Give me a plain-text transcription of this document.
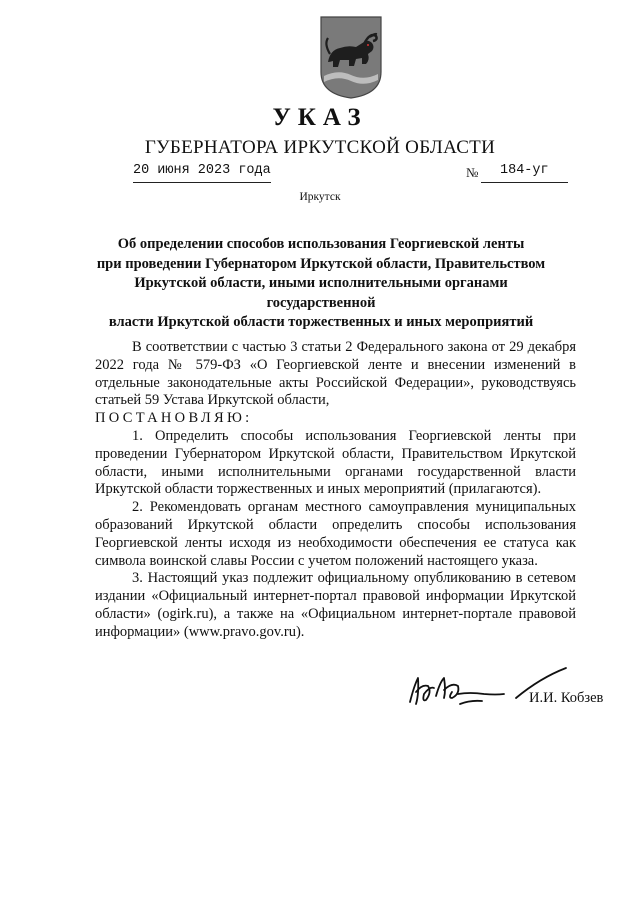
УКАЗ
ГУБЕРНАТОРА ИРКУТСКОЙ ОБЛАСТИ
20 июня 2023 года	№ 184-уг
Иркутск
Об определении способов использования Георгиевской ленты
при проведении Губернатором Иркутской области, Правительством
Иркутской области, иными исполнительными органами государственной
власти Иркутской области торжественных и иных мероприятий

В соответствии с частью 3 статьи 2 Федерального закона от 29 декабря 2022 года № 579-ФЗ «О Георгиевской ленте и внесении изменений в отдельные законодательные акты Российской Федерации», руководствуясь статьей 59 Устава Иркутской области,

ПОСТАНОВЛЯЮ:

1. Определить способы использования Георгиевской ленты при проведении Губернатором Иркутской области, Правительством Иркутской области, иными исполнительными органами государственной власти Иркутской области торжественных и иных мероприятий (прилагаются).

2. Рекомендовать органам местного самоуправления муниципальных образований Иркутской области определить способы использования Георгиевской ленты исходя из необходимости обеспечения ее статуса как символа воинской славы России с учетом положений настоящего указа.

3. Настоящий указ подлежит официальному опубликованию в сетевом издании «Официальный интернет-портал правовой информации Иркутской области» (ogirk.ru), а также на «Официальном интернет-портале правовой информации» (www.pravo.gov.ru).

И.И. Кобзев
